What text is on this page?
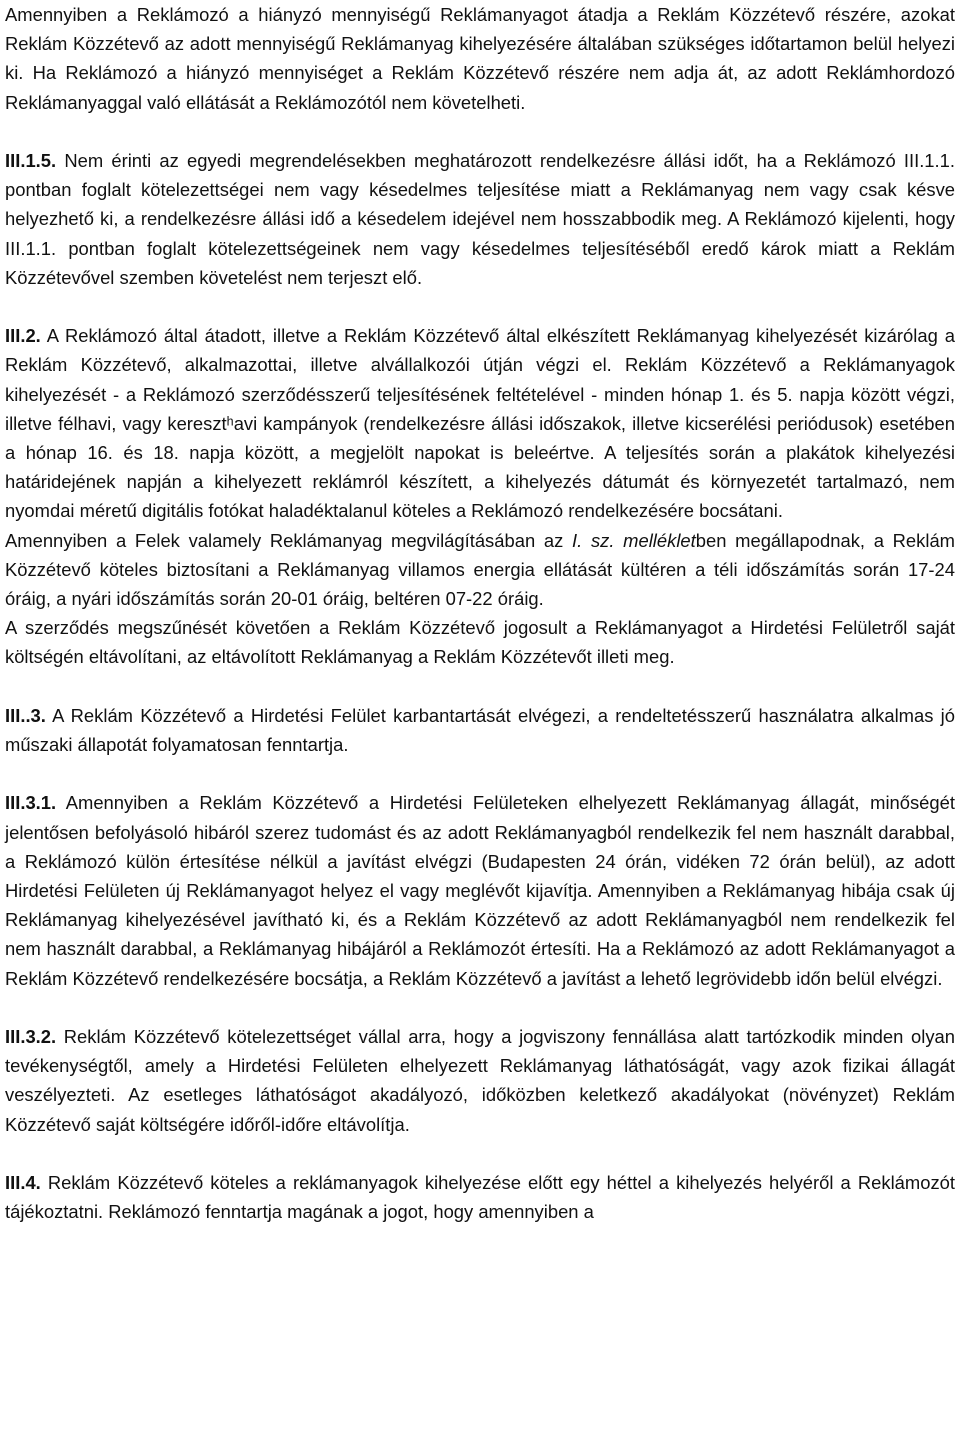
Amennyiben a Reklámozó a hiányzó mennyiségű Reklámanyagot átadja a Reklám Közzétevő részére, azokat Reklám Közzétevő az adott mennyiségű Reklámanyag kihelyezésére általában szükséges időtartamon belül helyezi ki. Ha Reklámozó a hiányzó mennyiséget a Reklám Közzétevő részére nem adja át, az adott Reklámhordozó Reklámanyaggal való ellátását a Reklámozótól nem követelheti.

III.1.5. Nem érinti az egyedi megrendelésekben meghatározott rendelkezésre állási időt, ha a Reklámozó III.1.1. pontban foglalt kötelezettségei nem vagy késedelmes teljesítése miatt a Reklámanyag nem vagy csak késve helyezhető ki, a rendelkezésre állási idő a késedelem idejével nem hosszabbodik meg. A Reklámozó kijelenti, hogy III.1.1. pontban foglalt kötelezettségeinek nem vagy késedelmes teljesítéséből eredő károk miatt a Reklám Közzétevővel szemben követelést nem terjeszt elő.

III.2. A Reklámozó által átadott, illetve a Reklám Közzétevő által elkészített Reklámanyag kihelyezését kizárólag a Reklám Közzétevő, alkalmazottai, illetve alvállalkozói útján végzi el. Reklám Közzétevő a Reklámanyagok kihelyezését - a Reklámozó szerződésszerű teljesítésének feltételével - minden hónap 1. és 5. napja között végzi, illetve félhavi, vagy keresztʰavi kampányok (rendelkezésre állási időszakok, illetve kicserélési periódusok) esetében a hónap 16. és 18. napja között, a megjelölt napokat is beleértve. A teljesítés során a plakátok kihelyezési határidejének napján a kihelyezett reklámról készített, a kihelyezés dátumát és környezetét tartalmazó, nem nyomdai méretű digitális fotókat haladéktalanul köteles a Reklámozó rendelkezésére bocsátani.

Amennyiben a Felek valamely Reklámanyag megvilágításában az I. sz. mellékletben megállapodnak, a Reklám Közzétevő köteles biztosítani a Reklámanyag villamos energia ellátását kültéren a téli időszámítás során 17-24 óráig, a nyári időszámítás során 20-01 óráig, beltéren 07-22 óráig.

A szerződés megszűnését követően a Reklám Közzétevő jogosult a Reklámanyagot a Hirdetési Felületről saját költségén eltávolítani, az eltávolított Reklámanyag a Reklám Közzétevőt illeti meg.

III..3. A Reklám Közzétevő a Hirdetési Felület karbantartását elvégezi, a rendeltetésszerű használatra alkalmas jó műszaki állapotát folyamatosan fenntartja.

III.3.1. Amennyiben a Reklám Közzétevő a Hirdetési Felületeken elhelyezett Reklámanyag állagát, minőségét jelentősen befolyásoló hibáról szerez tudomást és az adott Reklámanyagból rendelkezik fel nem használt darabbal, a Reklámozó külön értesítése nélkül a javítást elvégzi (Budapesten 24 órán, vidéken 72 órán belül), az adott Hirdetési Felületen új Reklámanyagot helyez el vagy meglévőt kijavítja. Amennyiben a Reklámanyag hibája csak új Reklámanyag kihelyezésével javítható ki, és a Reklám Közzétevő az adott Reklámanyagból nem rendelkezik fel nem használt darabbal, a Reklámanyag hibájáról a Reklámozót értesíti. Ha a Reklámozó az adott Reklámanyagot a Reklám Közzétevő rendelkezésére bocsátja, a Reklám Közzétevő a javítást a lehető legrövidebb időn belül elvégzi.

III.3.2. Reklám Közzétevő kötelezettséget vállal arra, hogy a jogviszony fennállása alatt tartózkodik minden olyan tevékenységtől, amely a Hirdetési Felületen elhelyezett Reklámanyag láthatóságát, vagy azok fizikai állagát veszélyezteti. Az esetleges láthatóságot akadályozó, időközben keletkező akadályokat (növényzet) Reklám Közzétevő saját költségére időről-időre eltávolítja.

III.4. Reklám Közzétevő köteles a reklámanyagok kihelyezése előtt egy héttel a kihelyezés helyéről a Reklámozót tájékoztatni. Reklámozó fenntartja magának a jogot, hogy amennyiben a
